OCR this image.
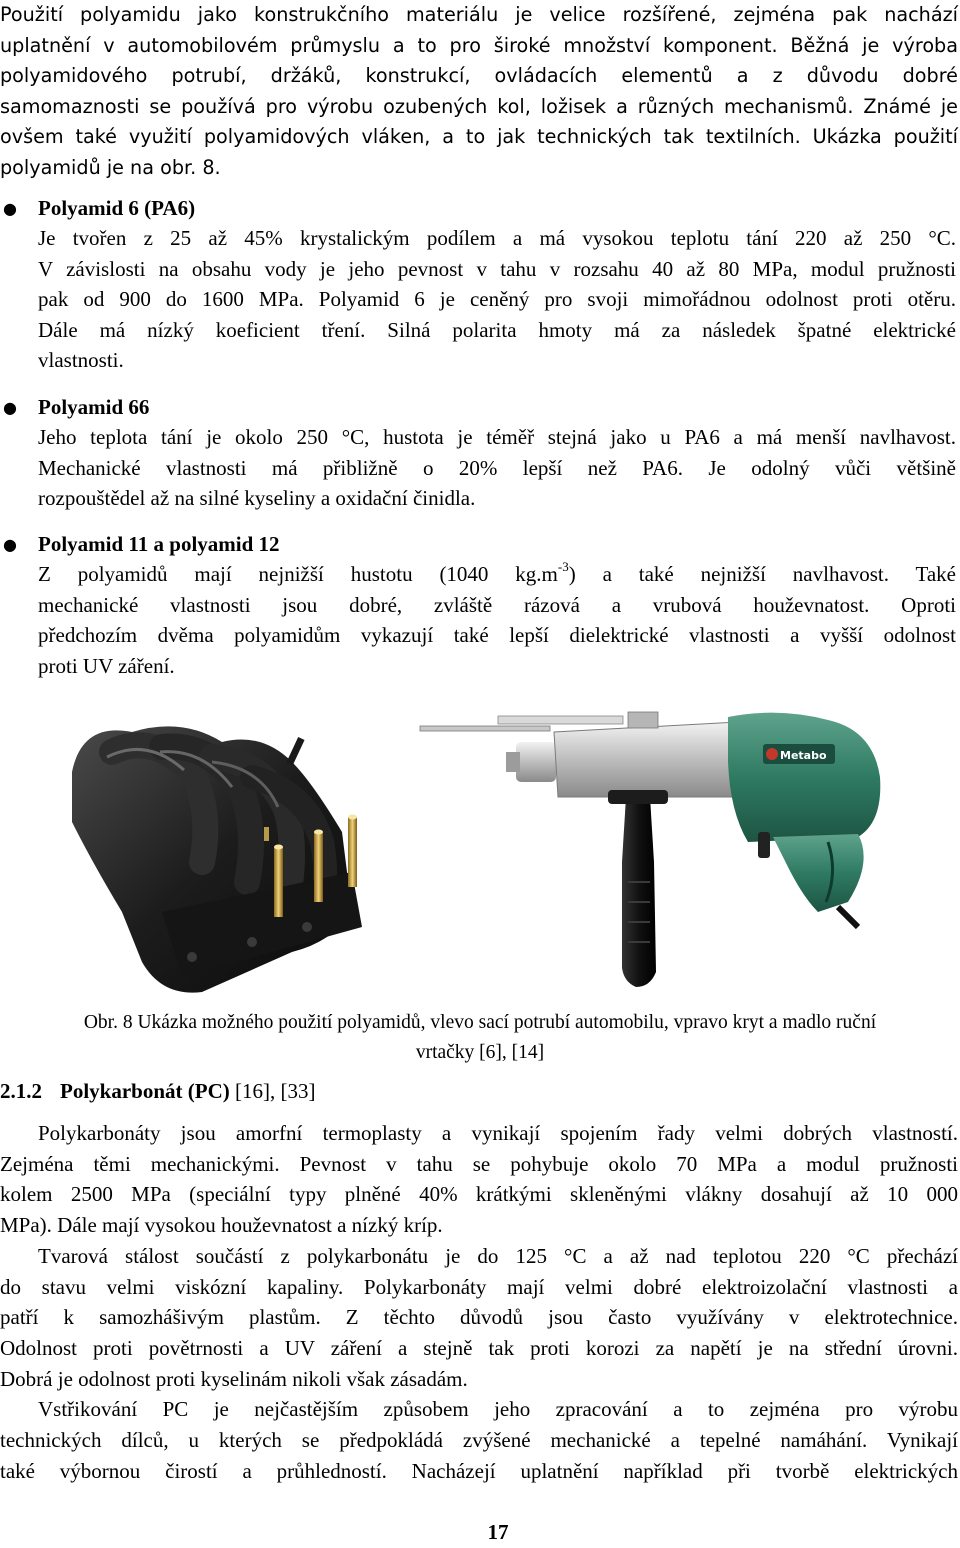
Použití polyamidu jako konstrukčního materiálu je velice rozšířené, zejména pak nachází

uplatnění v automobilovém průmyslu a to pro široké množství komponent. Běžná je výroba

polyamidového potrubí, držáků, konstrukcí, ovládacích elementů a z důvodu dobré

samomaznosti se používá pro výrobu ozubených kol, ložisek a různých mechanismů. Známé je

ovšem také využití polyamidových vláken, a to jak technických tak textilních. Ukázka použití

polyamidů je na obr. 8.

● Polyamid 6 (PA6)

Je tvořen z 25 až 45% krystalickým podílem a má vysokou teplotu tání 220 až 250 °C.

V závislosti na obsahu vody je jeho pevnost v tahu v rozsahu 40 až 80 MPa, modul pružnosti

pak od 900 do 1600 MPa. Polyamid 6 je ceněný pro svoji mimořádnou odolnost proti otěru.

Dále má nízký koeficient tření. Silná polarita hmoty má za následek špatné elektrické

vlastnosti.

● Polyamid 66

Jeho teplota tání je okolo 250 °C, hustota je téměř stejná jako u PA6 a má menší navlhavost.

Mechanické vlastnosti má přibližně o 20% lepší než PA6. Je odolný vůči většině

rozpouštědel až na silné kyseliny a oxidační činidla.

● Polyamid 11 a polyamid 12

Z polyamidů mají nejnižší hustotu (1040 $kg.m^{-3}$) a také nejnižší navlhavost. Také

mechanické vlastnosti jsou dobré, zvláště rázová a vrubová houževnatost. Oproti

předchozím dvěma polyamidům vykazují také lepší dielektrické vlastnosti a vyšší odolnost

proti UV záření.

Metabo

Obr. 8 Ukázka možného použití polyamidů, vlevo sací potrubí automobilu, vpravo kryt a madlo ruční

vrtačky [6], [14]

2.1.2 Polykarbonát (PC) [16], [33]

Polykarbonáty jsou amorfní termoplasty a vynikají spojením řady velmi dobrých vlastností.

Zejména těmi mechanickými. Pevnost v tahu se pohybuje okolo 70 MPa a modul pružnosti

kolem 2500 MPa (speciální typy plněné 40% krátkými skleněnými vlákny dosahují až 10 000

MPa). Dále mají vysokou houževnatost a nízký kríp.

Tvarová stálost součástí z polykarbonátu je do 125 °C a až nad teplotou 220 °C přechází

do stavu velmi viskózní kapaliny. Polykarbonáty mají velmi dobré elektroizolační vlastnosti a

patří k samozhášivým plastům. Z těchto důvodů jsou často využívány v elektrotechnice.

Odolnost proti povětrnosti a UV záření a stejně tak proti korozi za napětí je na střední úrovni.

Dobrá je odolnost proti kyselinám nikoli však zásadám.

Vstřikování PC je nejčastějším způsobem jeho zpracování a to zejména pro výrobu

technických dílců, u kterých se předpokládá zvýšené mechanické a tepelné namáhání. Vynikají

také výbornou čirostí a průhledností. Nacházejí uplatnění například při tvorbě elektrických

17
